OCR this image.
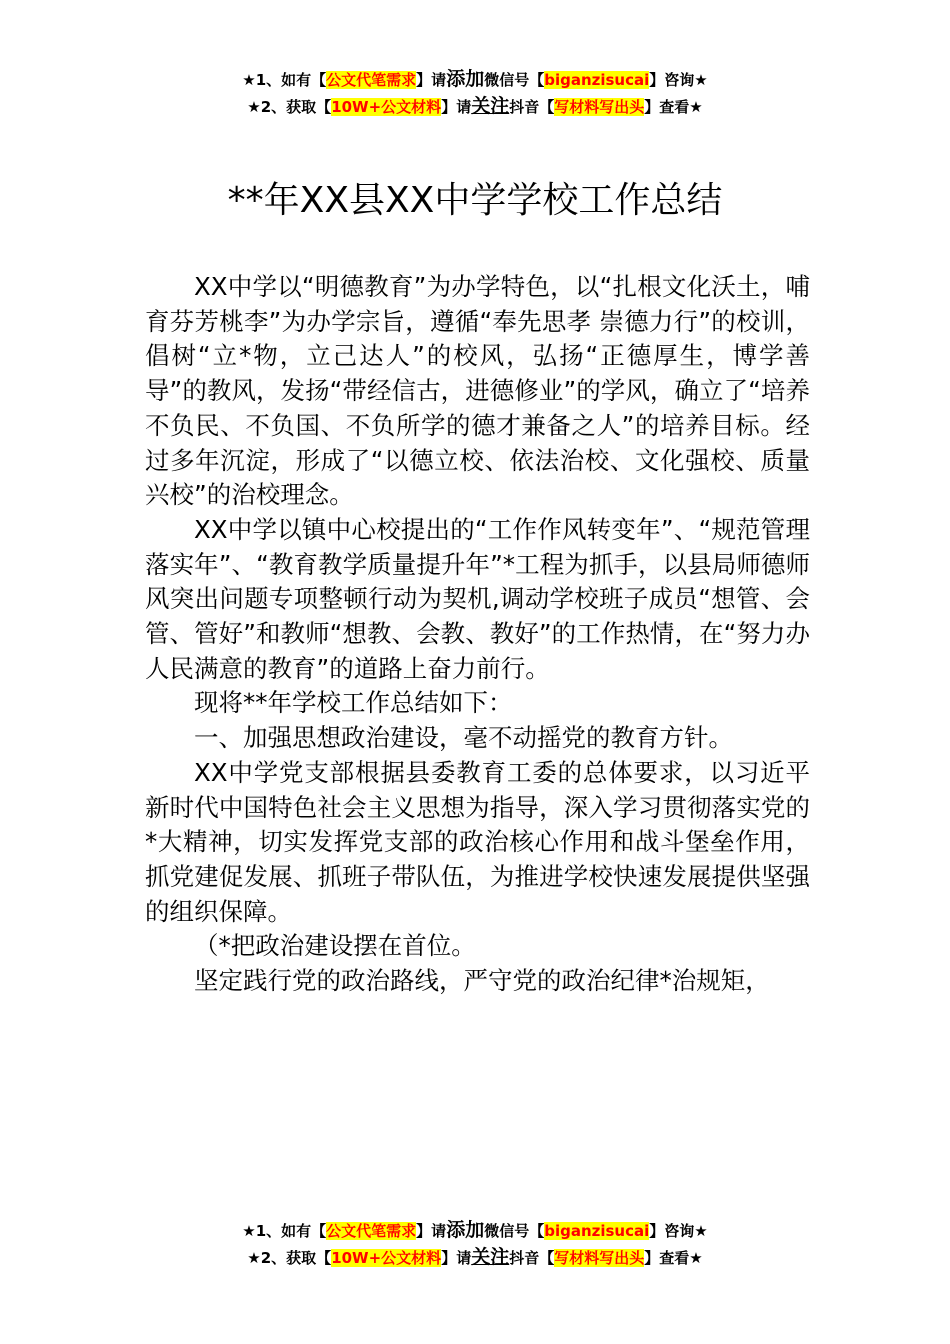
★1、如有【公文代笔需求】请添加微信号【biganzisucai】咨询★
★2、获取【10W+公文材料】请关注抖音【写材料写出头】查看★
**年XX县XX中学学校工作总结

XX中学以“明德教育”为办学特色，以“扎根文化沃土，哺育芬芳桃李”为办学宗旨，遵循“奉先思孝 崇德力行”的校训，倡树“立*物，立己达人”的校风，弘扬“正德厚生，博学善导”的教风，发扬“带经信古，进德修业”的学风，确立了“培养不负民、不负国、不负所学的德才兼备之人”的培养目标。经过多年沉淀，形成了“以德立校、依法治校、文化强校、质量兴校”的治校理念。

XX中学以镇中心校提出的“工作作风转变年”、“规范管理落实年”、“教育教学质量提升年”*工程为抓手，以县局师德师风突出问题专项整顿行动为契机,调动学校班子成员“想管、会管、管好”和教师“想教、会教、教好”的工作热情，在“努力办人民满意的教育”的道路上奋力前行。

现将**年学校工作总结如下：

一、加强思想政治建设，毫不动摇党的教育方针。

XX中学党支部根据县委教育工委的总体要求，以习近平新时代中国特色社会主义思想为指导，深入学习贯彻落实党的*大精神，切实发挥党支部的政治核心作用和战斗堡垒作用，抓党建促发展、抓班子带队伍，为推进学校快速发展提供坚强的组织保障。

（*把政治建设摆在首位。

坚定践行党的政治路线，严守党的政治纪律*治规矩，

★1、如有【公文代笔需求】请添加微信号【biganzisucai】咨询★
★2、获取【10W+公文材料】请关注抖音【写材料写出头】查看★
